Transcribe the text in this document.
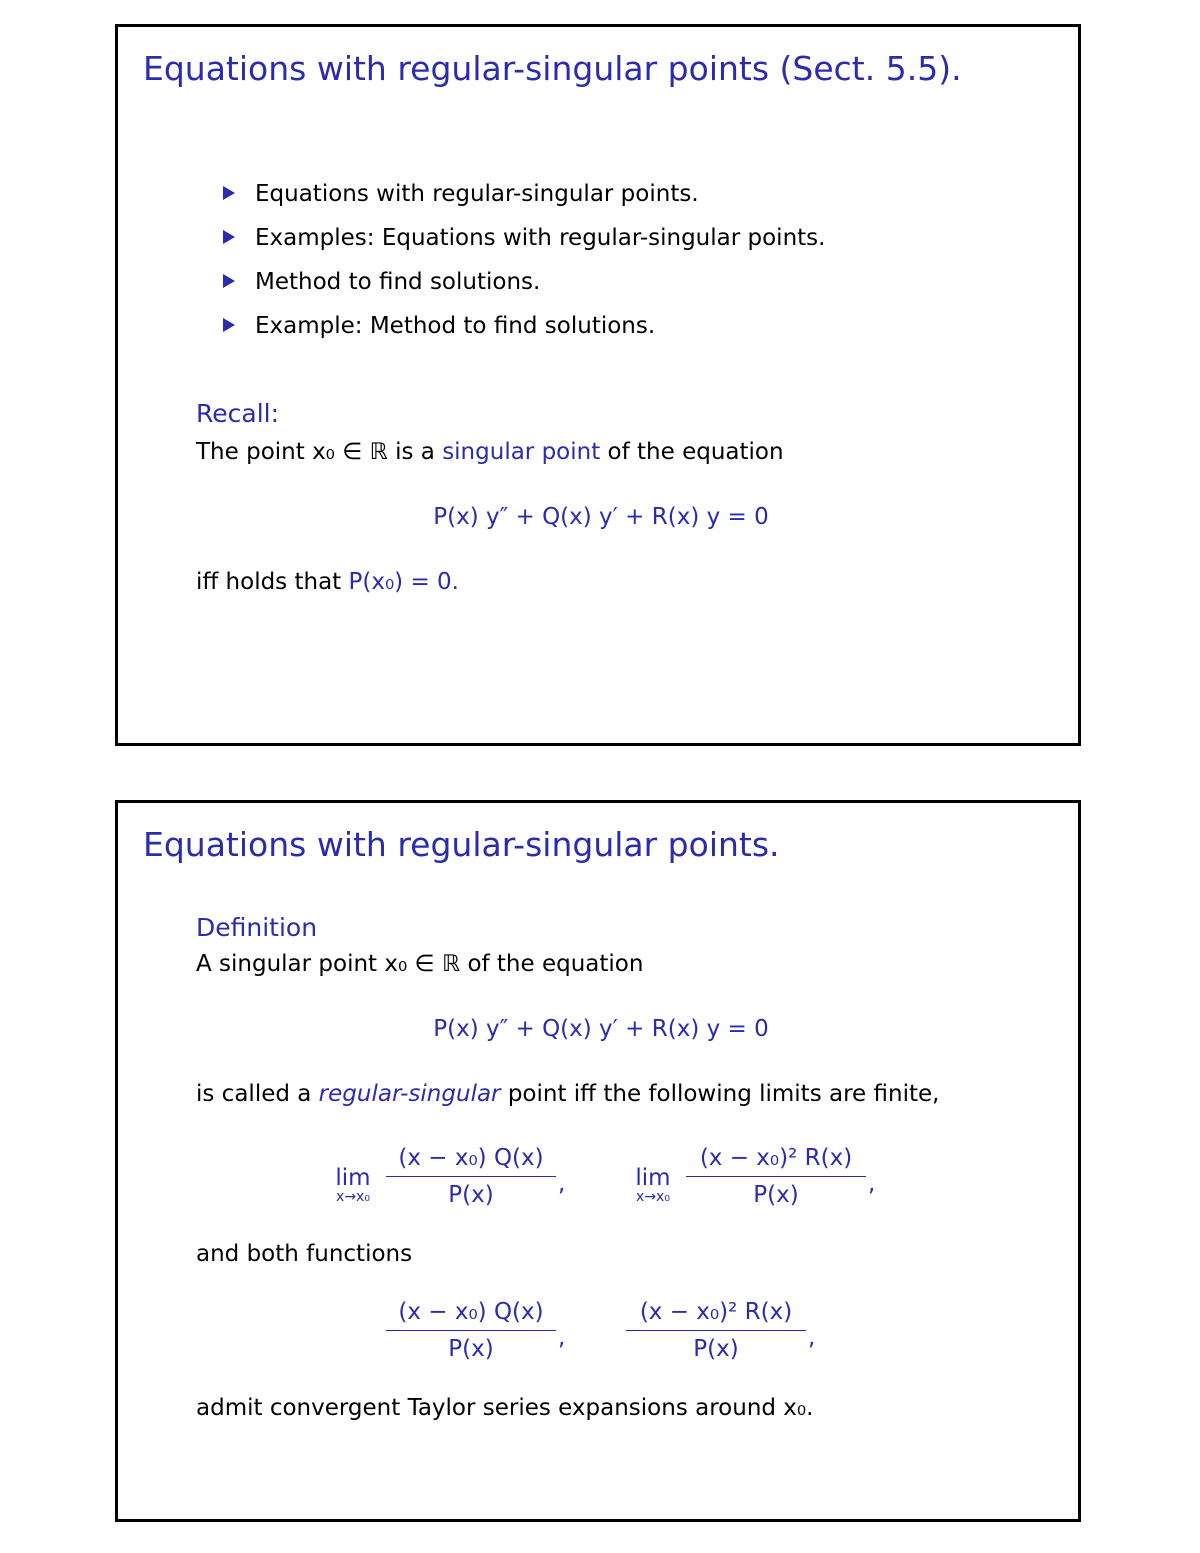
Equations with regular-singular points (Sect. 5.5).
Equations with regular-singular points.
Examples: Equations with regular-singular points.
Method to find solutions.
Example: Method to find solutions.
Recall:
The point x₀ ∈ ℝ is a singular point of the equation
P(x) y″ + Q(x) y′ + R(x) y = 0
iff holds that P(x₀) = 0.
Equations with regular-singular points.
Definition
A singular point x₀ ∈ ℝ of the equation
P(x) y″ + Q(x) y′ + R(x) y = 0
is called a regular-singular point iff the following limits are finite,
lim
x→x₀
(x − x₀) Q(x)
P(x)	,	lim
x→x₀
(x − x₀)² R(x)
P(x)	,
and both functions
(x − x₀) Q(x)
P(x)	,
(x − x₀)² R(x)
P(x)	,
admit convergent Taylor series expansions around x₀.
